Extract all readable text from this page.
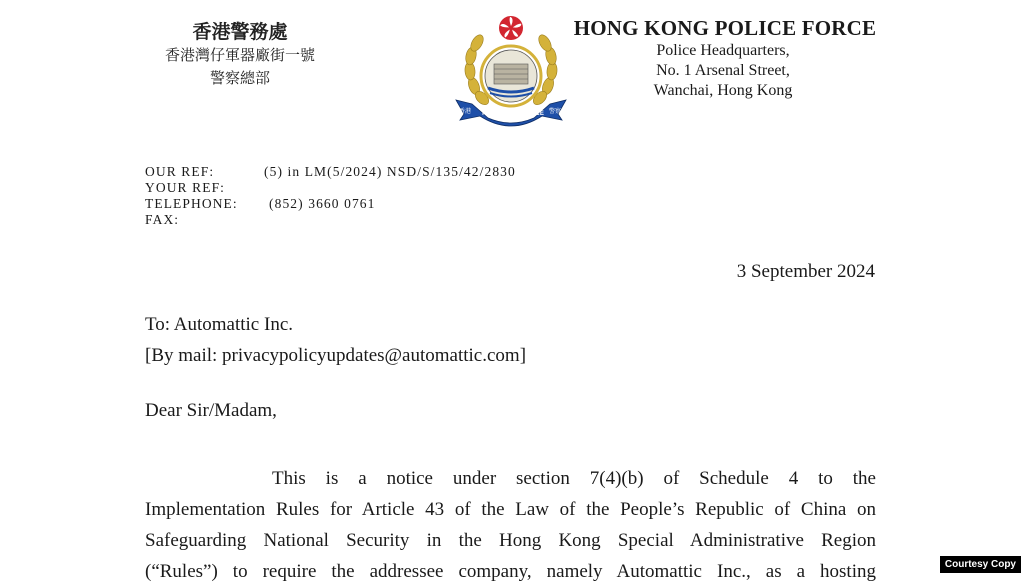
香港警務處
香港灣仔軍器廠街一號
警察總部
HONG KONG POLICE
香港	警察
HONG KONG POLICE FORCE
Police Headquarters,
No. 1 Arsenal Street,
Wanchai, Hong Kong
OUR REF:	(5) in LM(5/2024) NSD/S/135/42/2830
YOUR REF:
TELEPHONE: (852) 3660 0761
FAX:
3 September 2024
To: Automattic Inc.
[By mail: privacypolicyupdates@automattic.com]
Dear Sir/Madam,
This is a notice under section 7(4)(b) of Schedule 4 to the
Implementation Rules for Article 43 of the Law of the People’s Republic of China on
Safeguarding National Security in the Hong Kong Special Administrative Region
(“Rules”) to require the addressee company, namely Automattic Inc., as a hosting	Courtesy Copy
